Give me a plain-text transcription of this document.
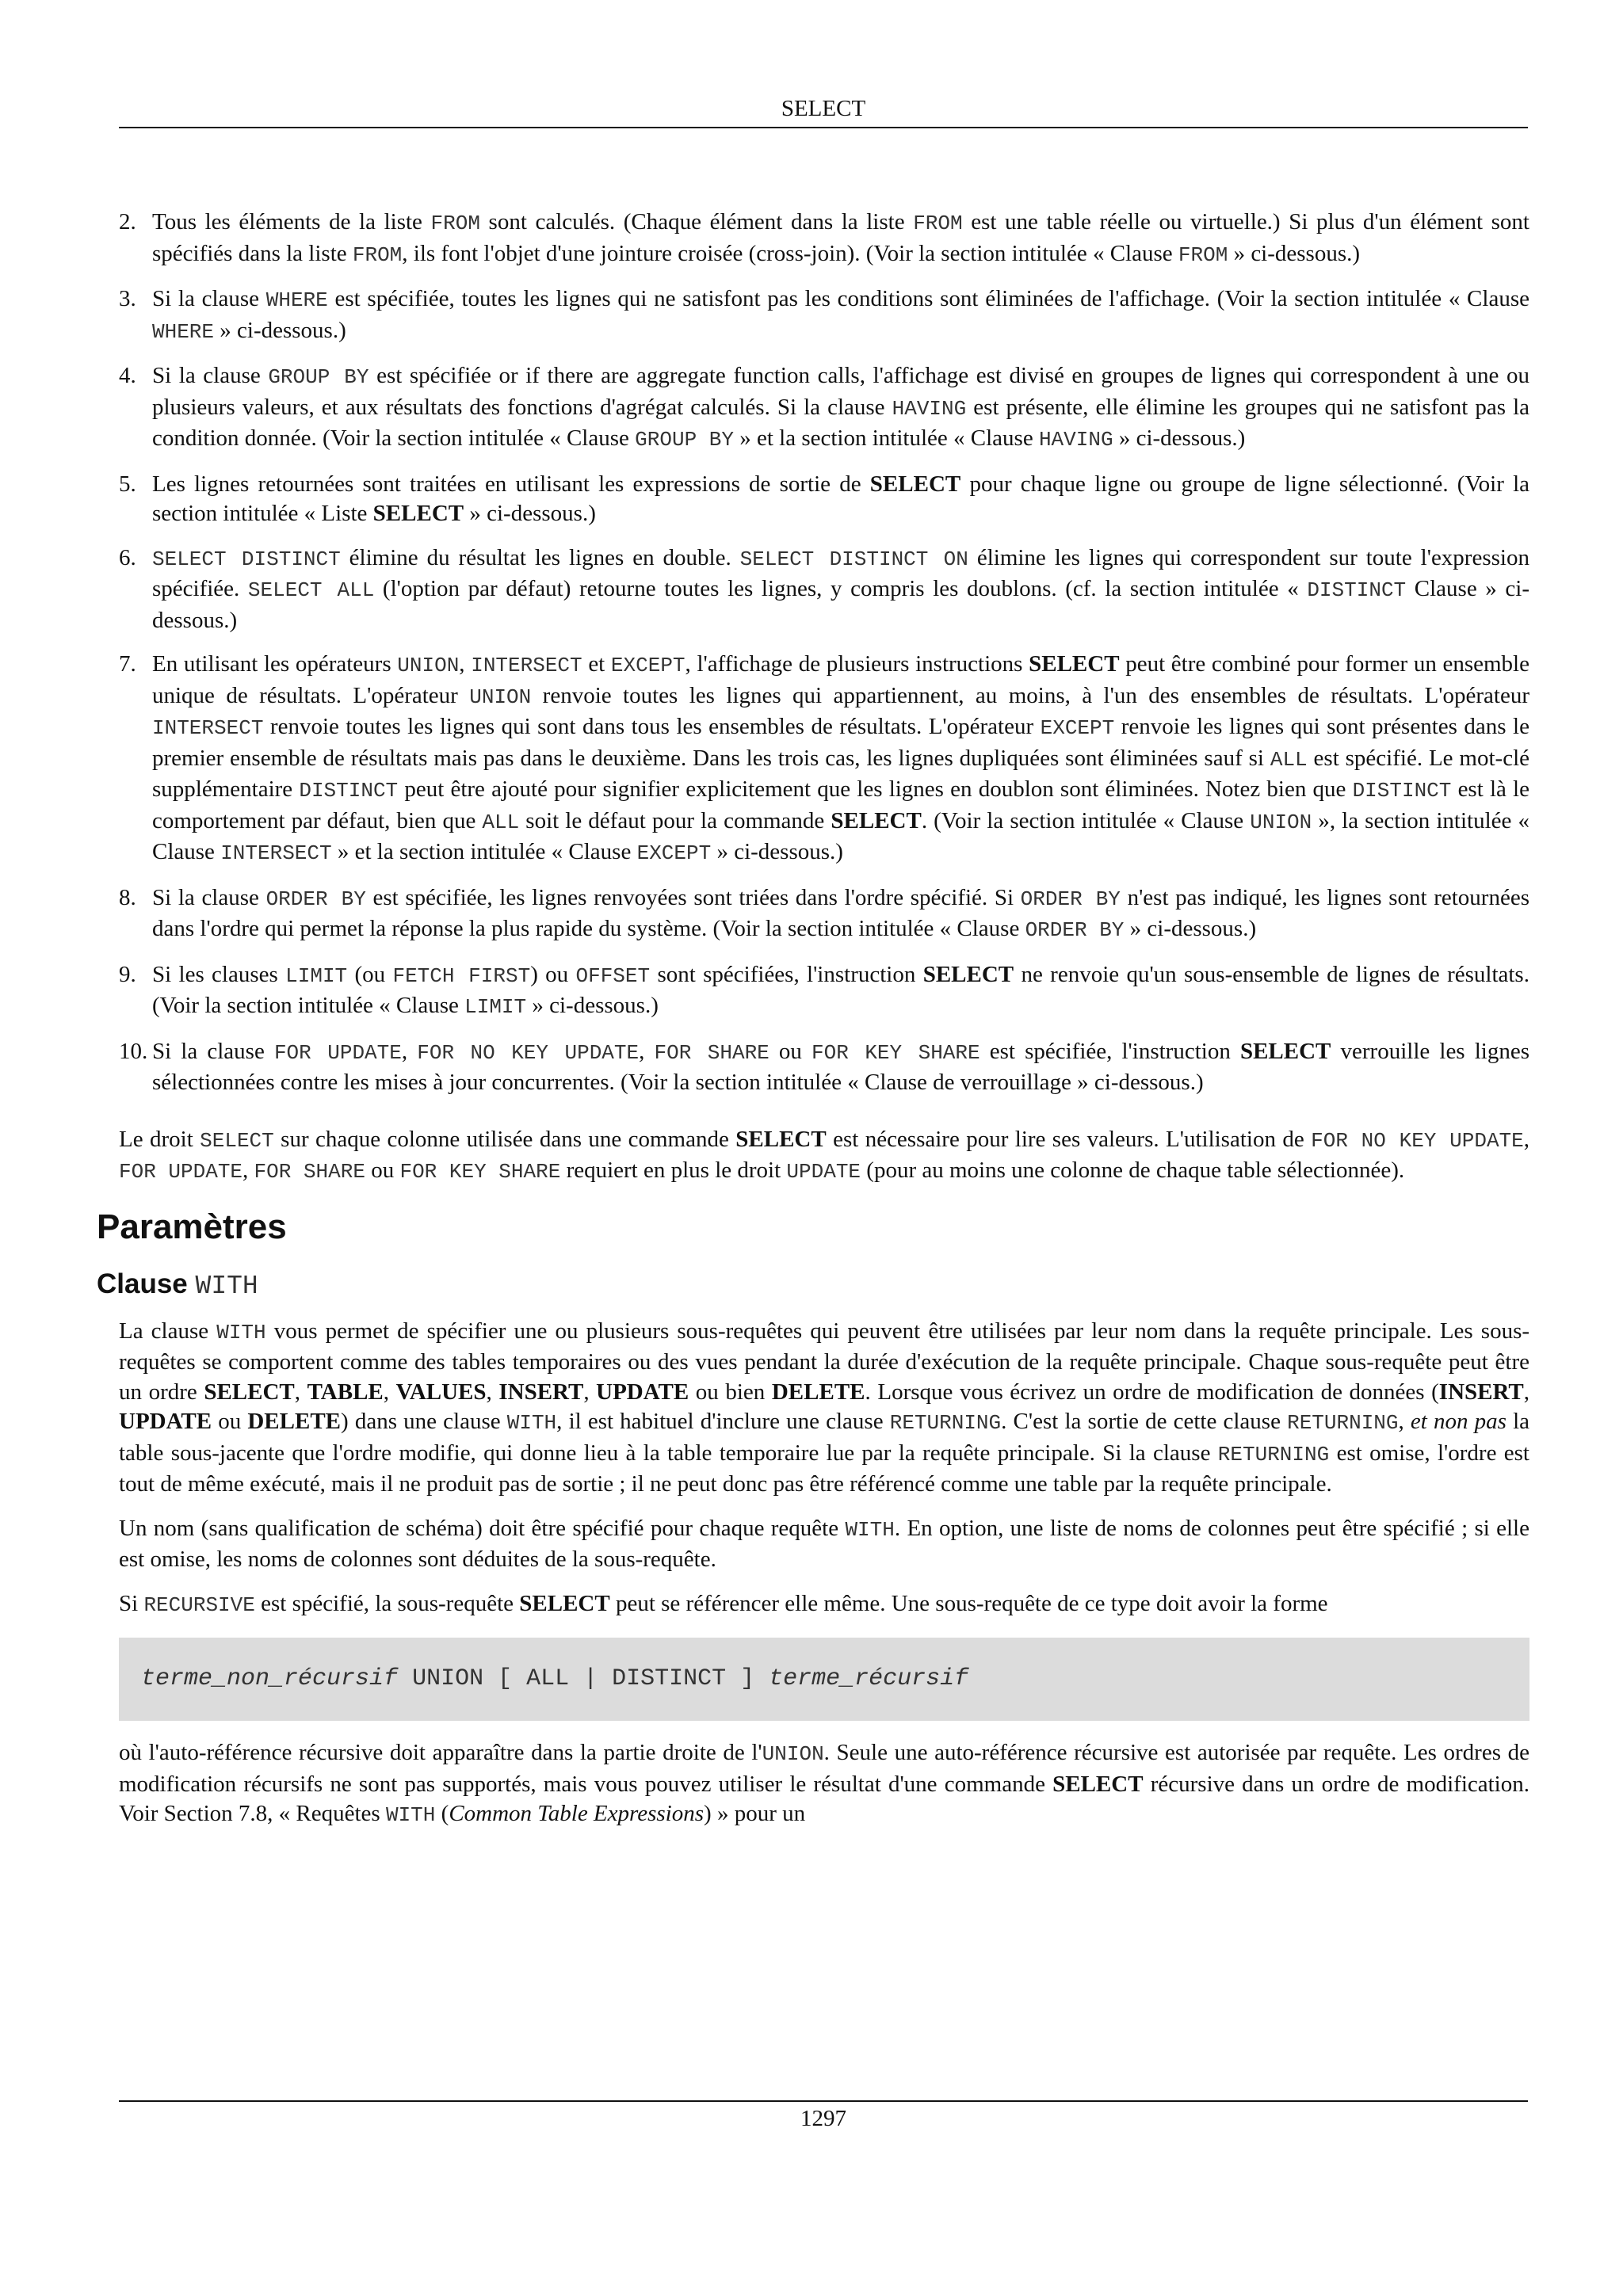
SELECT
2. Tous les éléments de la liste FROM sont calculés. (Chaque élément dans la liste FROM est une table réelle ou virtuelle.) Si plus d'un élément sont spécifiés dans la liste FROM, ils font l'objet d'une jointure croisée (cross-join). (Voir la section intitulée « Clause FROM » ci-dessous.)
3. Si la clause WHERE est spécifiée, toutes les lignes qui ne satisfont pas les conditions sont éliminées de l'affichage. (Voir la section intitulée « Clause WHERE » ci-dessous.)
4. Si la clause GROUP BY est spécifiée or if there are aggregate function calls, l'affichage est divisé en groupes de lignes qui correspondent à une ou plusieurs valeurs, et aux résultats des fonctions d'agrégat calculés. Si la clause HAVING est présente, elle élimine les groupes qui ne satisfont pas la condition donnée. (Voir la section intitulée « Clause GROUP BY » et la section intitulée « Clause HAVING » ci-dessous.)
5. Les lignes retournées sont traitées en utilisant les expressions de sortie de SELECT pour chaque ligne ou groupe de ligne sélectionné. (Voir la section intitulée « Liste SELECT » ci-dessous.)
6. SELECT DISTINCT élimine du résultat les lignes en double. SELECT DISTINCT ON élimine les lignes qui correspondent sur toute l'expression spécifiée. SELECT ALL (l'option par défaut) retourne toutes les lignes, y compris les doublons. (cf. la section intitulée « DISTINCT Clause » ci-dessous.)
7. En utilisant les opérateurs UNION, INTERSECT et EXCEPT, l'affichage de plusieurs instructions SELECT peut être combiné pour former un ensemble unique de résultats. L'opérateur UNION renvoie toutes les lignes qui appartiennent, au moins, à l'un des ensembles de résultats. L'opérateur INTERSECT renvoie toutes les lignes qui sont dans tous les ensembles de résultats. L'opérateur EXCEPT renvoie les lignes qui sont présentes dans le premier ensemble de résultats mais pas dans le deuxième. Dans les trois cas, les lignes dupliquées sont éliminées sauf si ALL est spécifié. Le mot-clé supplémentaire DISTINCT peut être ajouté pour signifier explicitement que les lignes en doublon sont éliminées. Notez bien que DISTINCT est là le comportement par défaut, bien que ALL soit le défaut pour la commande SELECT. (Voir la section intitulée « Clause UNION », la section intitulée « Clause INTERSECT » et la section intitulée « Clause EXCEPT » ci-dessous.)
8. Si la clause ORDER BY est spécifiée, les lignes renvoyées sont triées dans l'ordre spécifié. Si ORDER BY n'est pas indiqué, les lignes sont retournées dans l'ordre qui permet la réponse la plus rapide du système. (Voir la section intitulée « Clause ORDER BY » ci-dessous.)
9. Si les clauses LIMIT (ou FETCH FIRST) ou OFFSET sont spécifiées, l'instruction SELECT ne renvoie qu'un sous-ensemble de lignes de résultats. (Voir la section intitulée « Clause LIMIT » ci-dessous.)
10. Si la clause FOR UPDATE, FOR NO KEY UPDATE, FOR SHARE ou FOR KEY SHARE est spécifiée, l'instruction SELECT verrouille les lignes sélectionnées contre les mises à jour concurrentes. (Voir la section intitulée « Clause de verrouillage » ci-dessous.)

Le droit SELECT sur chaque colonne utilisée dans une commande SELECT est nécessaire pour lire ses valeurs. L'utilisation de FOR NO KEY UPDATE, FOR UPDATE, FOR SHARE ou FOR KEY SHARE requiert en plus le droit UPDATE (pour au moins une colonne de chaque table sélectionnée).

Paramètres
Clause WITH

La clause WITH vous permet de spécifier une ou plusieurs sous-requêtes qui peuvent être utilisées par leur nom dans la requête principale. Les sous-requêtes se comportent comme des tables temporaires ou des vues pendant la durée d'exécution de la requête principale. Chaque sous-requête peut être un ordre SELECT, TABLE, VALUES, INSERT, UPDATE ou bien DELETE. Lorsque vous écrivez un ordre de modification de données (INSERT, UPDATE ou DELETE) dans une clause WITH, il est habituel d'inclure une clause RETURNING. C'est la sortie de cette clause RETURNING, et non pas la table sous-jacente que l'ordre modifie, qui donne lieu à la table temporaire lue par la requête principale. Si la clause RETURNING est omise, l'ordre est tout de même exécuté, mais il ne produit pas de sortie ; il ne peut donc pas être référencé comme une table par la requête principale.

Un nom (sans qualification de schéma) doit être spécifié pour chaque requête WITH. En option, une liste de noms de colonnes peut être spécifié ; si elle est omise, les noms de colonnes sont déduites de la sous-requête.

Si RECURSIVE est spécifié, la sous-requête SELECT peut se référencer elle même. Une sous-requête de ce type doit avoir la forme

terme_non_récursif UNION [ ALL | DISTINCT ] terme_récursif

où l'auto-référence récursive doit apparaître dans la partie droite de l'UNION. Seule une auto-référence récursive est autorisée par requête. Les ordres de modification récursifs ne sont pas supportés, mais vous pouvez utiliser le résultat d'une commande SELECT récursive dans un ordre de modification. Voir Section 7.8, « Requêtes WITH (Common Table Expressions) » pour un

1297
